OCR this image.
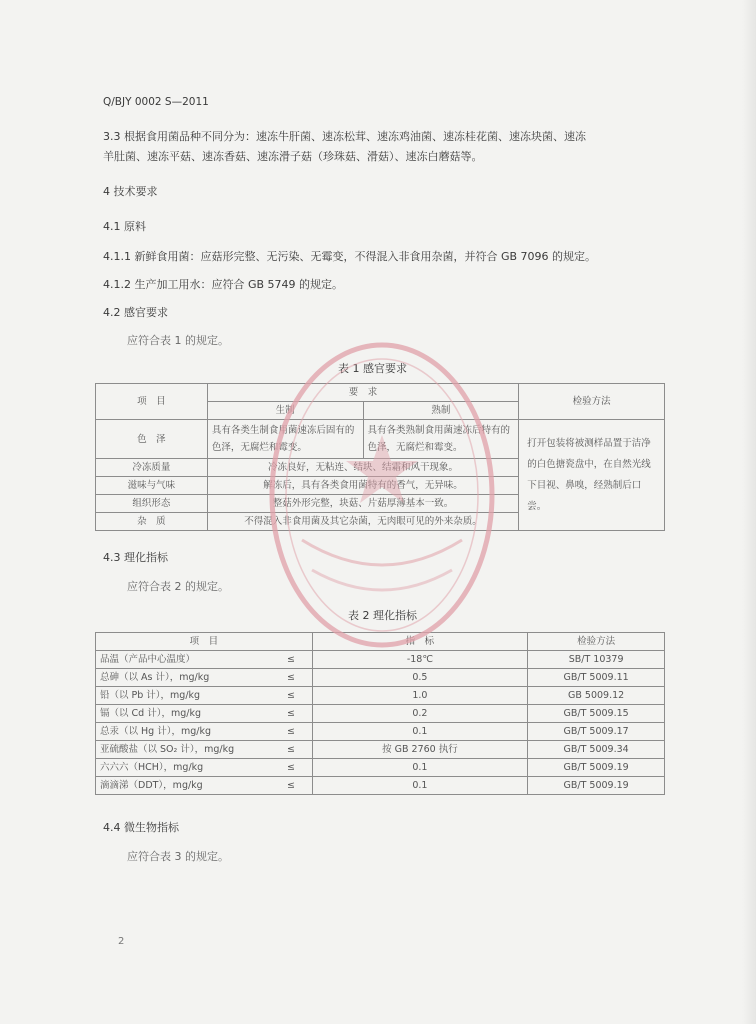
Q/BJY 0002 S—2011
3.3 根据食用菌品种不同分为：速冻牛肝菌、速冻松茸、速冻鸡油菌、速冻桂花菌、速冻块菌、速冻
羊肚菌、速冻平菇、速冻香菇、速冻滑子菇（珍珠菇、滑菇）、速冻白蘑菇等。
4 技术要求
4.1 原料
4.1.1 新鲜食用菌：应菇形完整、无污染、无霉变，不得混入非食用杂菌，并符合 GB 7096 的规定。
4.1.2 生产加工用水：应符合 GB 5749 的规定。
4.2 感官要求
应符合表 1 的规定。
表 1 感官要求
项　目	要　求		检验方法
	生制	熟制	
色　泽	具有各类生制食用菌速冻后固有的色泽，无腐烂和霉变。	具有各类熟制食用菌速冻后特有的色泽，无腐烂和霉变。	打开包装将被测样品置于洁净的白色搪瓷盘中，在自然光线下目视、鼻嗅，经熟制后口尝。
冷冻质量	冷冻良好，无粘连、结块、结霜和风干现象。		
滋味与气味	解冻后，具有各类食用菌特有的香气，无异味。		
组织形态	整菇外形完整，块菇、片菇厚薄基本一致。		
杂　质	不得混入非食用菌及其它杂菌，无肉眼可见的外来杂质。		
4.3 理化指标
应符合表 2 的规定。
表 2 理化指标
项　目		指　标	检验方法
品温（产品中心温度）	≤	-18℃	SB/T 10379
总砷（以 As 计），mg/kg	≤	0.5	GB/T 5009.11
铅（以 Pb 计），mg/kg	≤	1.0	GB 5009.12
镉（以 Cd 计），mg/kg	≤	0.2	GB/T 5009.15
总汞（以 Hg 计），mg/kg	≤	0.1	GB/T 5009.17
亚硫酸盐（以 SO₂ 计），mg/kg	≤	按 GB 2760 执行	GB/T 5009.34
六六六（HCH），mg/kg	≤	0.1	GB/T 5009.19
滴滴涕（DDT），mg/kg	≤	0.1	GB/T 5009.19
4.4 微生物指标
应符合表 3 的规定。
2
